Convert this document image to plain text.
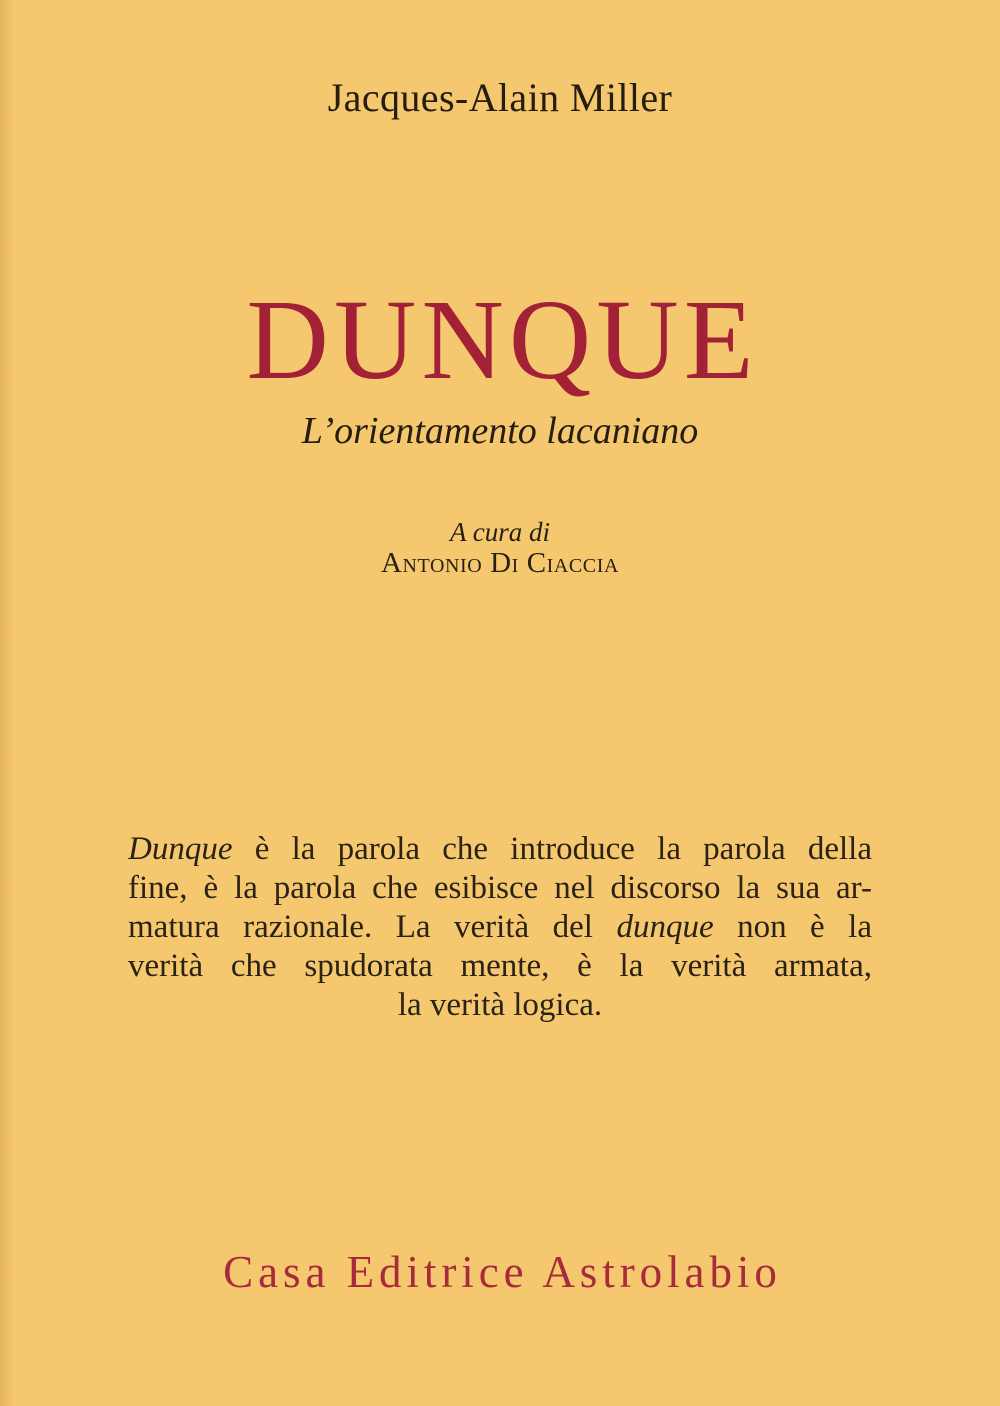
Jacques-Alain Miller
DUNQUE
L’orientamento lacaniano
A cura di
Antonio Di Ciaccia
Dunque è la parola che introduce la parola della
fine, è la parola che esibisce nel discorso la sua ar-
matura razionale. La verità del dunque non è la
verità che spudorata mente, è la verità armata,
la verità logica.
Casa Editrice Astrolabio
